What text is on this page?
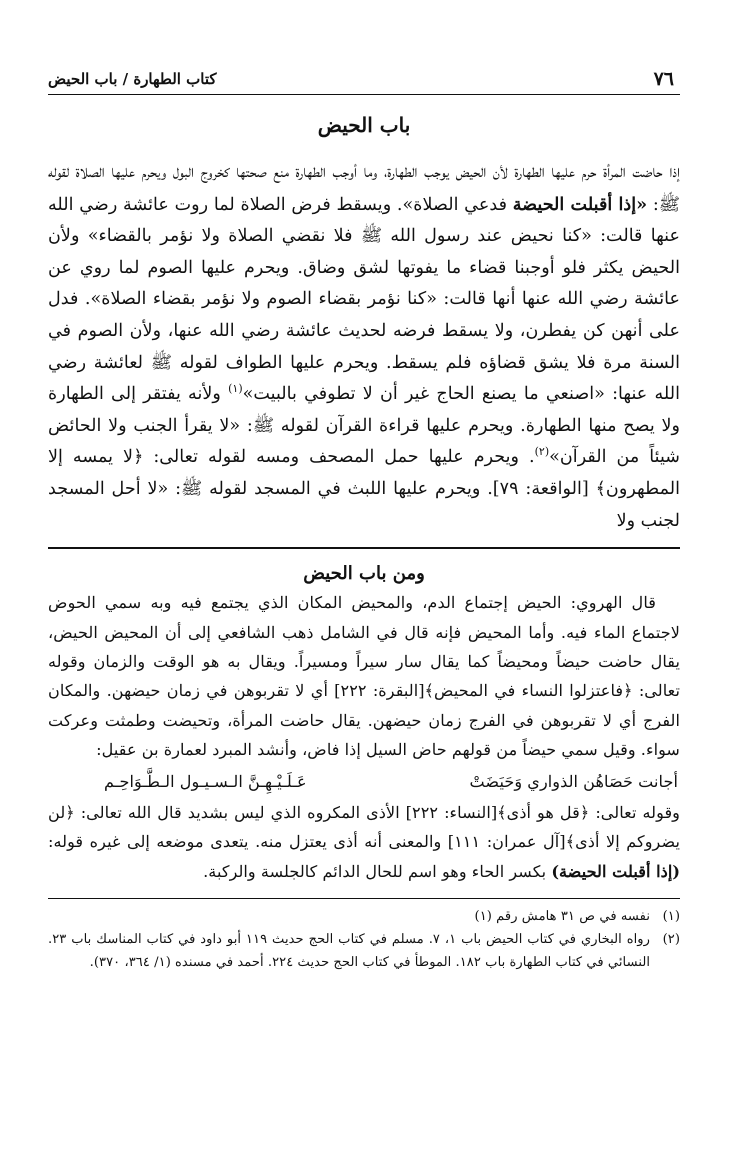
٧٦
كتاب الطهارة / باب الحيض
باب الحيض

إذا حاضت المرأة حرم عليها الطهارة لأن الحيض يوجب الطهارة، وما أوجب الطهارة منع صحتها كخروج البول ويحرم عليها الصلاة لقوله ﷺ: «إذا أقبلت الحيضة فدعي الصلاة». ويسقط فرض الصلاة لما روت عائشة رضي الله عنها قالت: «كنا نحيض عند رسول الله ﷺ فلا نقضي الصلاة ولا نؤمر بالقضاء» ولأن الحيض يكثر فلو أوجبنا قضاء ما يفوتها لشق وضاق. ويحرم عليها الصوم لما روي عن عائشة رضي الله عنها أنها قالت: «كنا نؤمر بقضاء الصوم ولا نؤمر بقضاء الصلاة». فدل على أنهن كن يفطرن، ولا يسقط فرضه لحديث عائشة رضي الله عنها، ولأن الصوم في السنة مرة فلا يشق قضاؤه فلم يسقط. ويحرم عليها الطواف لقوله ﷺ لعائشة رضي الله عنها: «اصنعي ما يصنع الحاج غير أن لا تطوفي بالبيت»$^{(١)}$ ولأنه يفتقر إلى الطهارة ولا يصح منها الطهارة. ويحرم عليها قراءة القرآن لقوله ﷺ: «لا يقرأ الجنب ولا الحائض شيئاً من القرآن»$^{(٢)}$. ويحرم عليها حمل المصحف ومسه لقوله تعالى: ﴿لا يمسه إلا المطهرون﴾ [الواقعة: ٧٩]. ويحرم عليها اللبث في المسجد لقوله ﷺ: «لا أحل المسجد لجنب ولا

ومن باب الحيض

قال الهروي: الحيض إجتماع الدم، والمحيض المكان الذي يجتمع فيه وبه سمي الحوض لاجتماع الماء فيه. وأما المحيض فإنه قال في الشامل ذهب الشافعي إلى أن المحيض الحيض، يقال حاضت حيضاً ومحيضاً كما يقال سار سيراً ومسيراً. ويقال به هو الوقت والزمان وقوله تعالى: ﴿فاعتزلوا النساء في المحيض﴾[البقرة: ٢٢٢] أي لا تقربوهن في زمان حيضهن. والمكان الفرج أي لا تقربوهن في الفرج زمان حيضهن. يقال حاضت المرأة، وتحيضت وطمثت وعركت سواء. وقيل سمي حيضاً من قولهم حاض السيل إذا فاض، وأنشد المبرد لعمارة بن عقيل:

أجانت حَصَاهُن الذواري وَحَيَضَتْ
عَـلَـيْـهِـنَّ الـسـيـول الـطَّـوَاحِـم

وقوله تعالى: ﴿قل هو أذى﴾[النساء: ٢٢٢] الأذى المكروه الذي ليس بشديد قال الله تعالى: ﴿لن يضروكم إلا أذى﴾[آل عمران: ١١١] والمعنى أنه أذى يعتزل منه. يتعدى موضعه إلى غيره قوله: (إذا أقبلت الحيضة) بكسر الحاء وهو اسم للحال الدائم كالجلسة والركبة.

(١)
نفسه في ص ٣١ هامش رقم (١)
(٢)
رواه البخاري في كتاب الحيض باب ١، ٧. مسلم في كتاب الحج حديث ١١٩ أبو داود في كتاب المناسك باب ٢٣. النسائي في كتاب الطهارة باب ١٨٢. الموطأ في كتاب الحج حديث ٢٢٤. أحمد في مسنده (١/ ٣٦٤، ٣٧٠).
